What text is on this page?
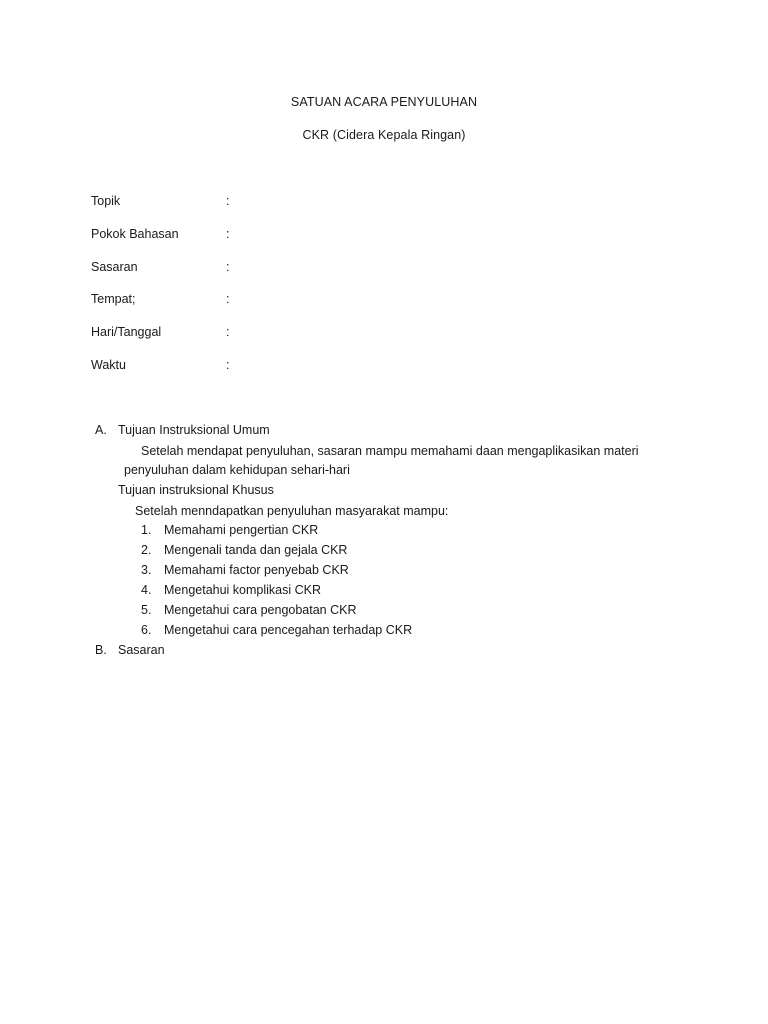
SATUAN ACARA PENYULUHAN
CKR (Cidera Kepala Ringan)
Topik	:
Pokok Bahasan	:
Sasaran	:
Tempat;	:
Hari/Tanggal	:
Waktu	:
A. Tujuan Instruksional Umum
Setelah mendapat penyuluhan, sasaran mampu memahami daan mengaplikasikan materi
penyuluhan dalam kehidupan sehari-hari
Tujuan instruksional Khusus
Setelah menndapatkan penyuluhan masyarakat mampu:
1. Memahami pengertian CKR
2. Mengenali tanda dan gejala CKR
3. Memahami factor penyebab CKR
4. Mengetahui komplikasi CKR
5. Mengetahui cara pengobatan CKR
6. Mengetahui cara pencegahan terhadap CKR
B. Sasaran
